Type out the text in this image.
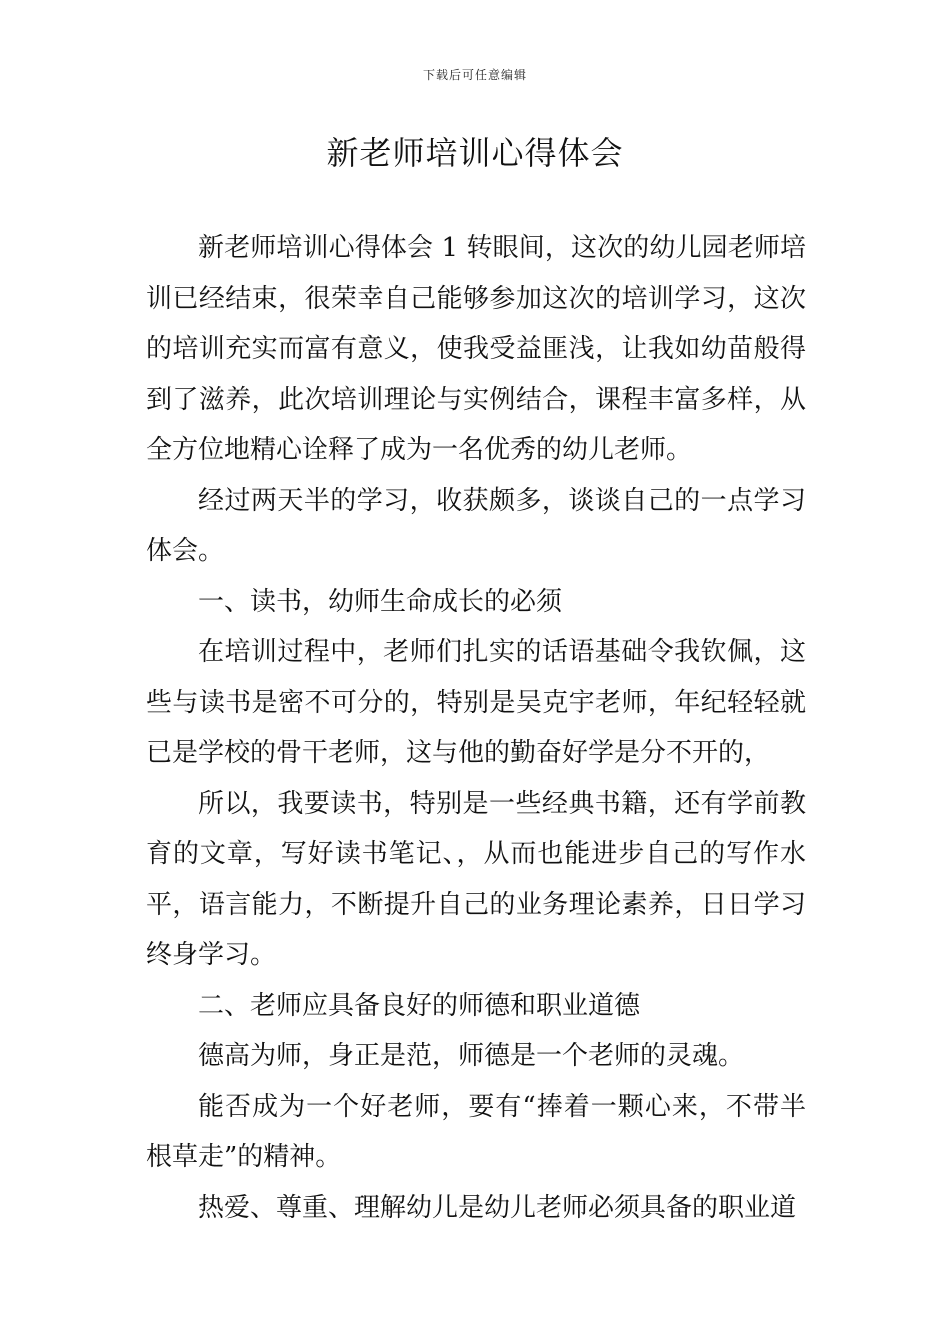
下载后可任意编辑
新老师培训心得体会

新老师培训心得体会 1 转眼间，这次的幼儿园老师培训已经结束，很荣幸自己能够参加这次的培训学习，这次的培训充实而富有意义，使我受益匪浅，让我如幼苗般得到了滋养，此次培训理论与实例结合，课程丰富多样，从全方位地精心诠释了成为一名优秀的幼儿老师。

经过两天半的学习，收获颇多，谈谈自己的一点学习体会。

一、读书，幼师生命成长的必须

在培训过程中，老师们扎实的话语基础令我钦佩，这些与读书是密不可分的，特别是吴克宇老师，年纪轻轻就已是学校的骨干老师，这与他的勤奋好学是分不开的，

所以，我要读书，特别是一些经典书籍，还有学前教育的文章，写好读书笔记、，从而也能进步自己的写作水平，语言能力，不断提升自己的业务理论素养，日日学习终身学习。

二、老师应具备良好的师德和职业道德

德高为师，身正是范，师德是一个老师的灵魂。

能否成为一个好老师，要有“捧着一颗心来，不带半根草走”的精神。

热爱、尊重、理解幼儿是幼儿老师必须具备的职业道
